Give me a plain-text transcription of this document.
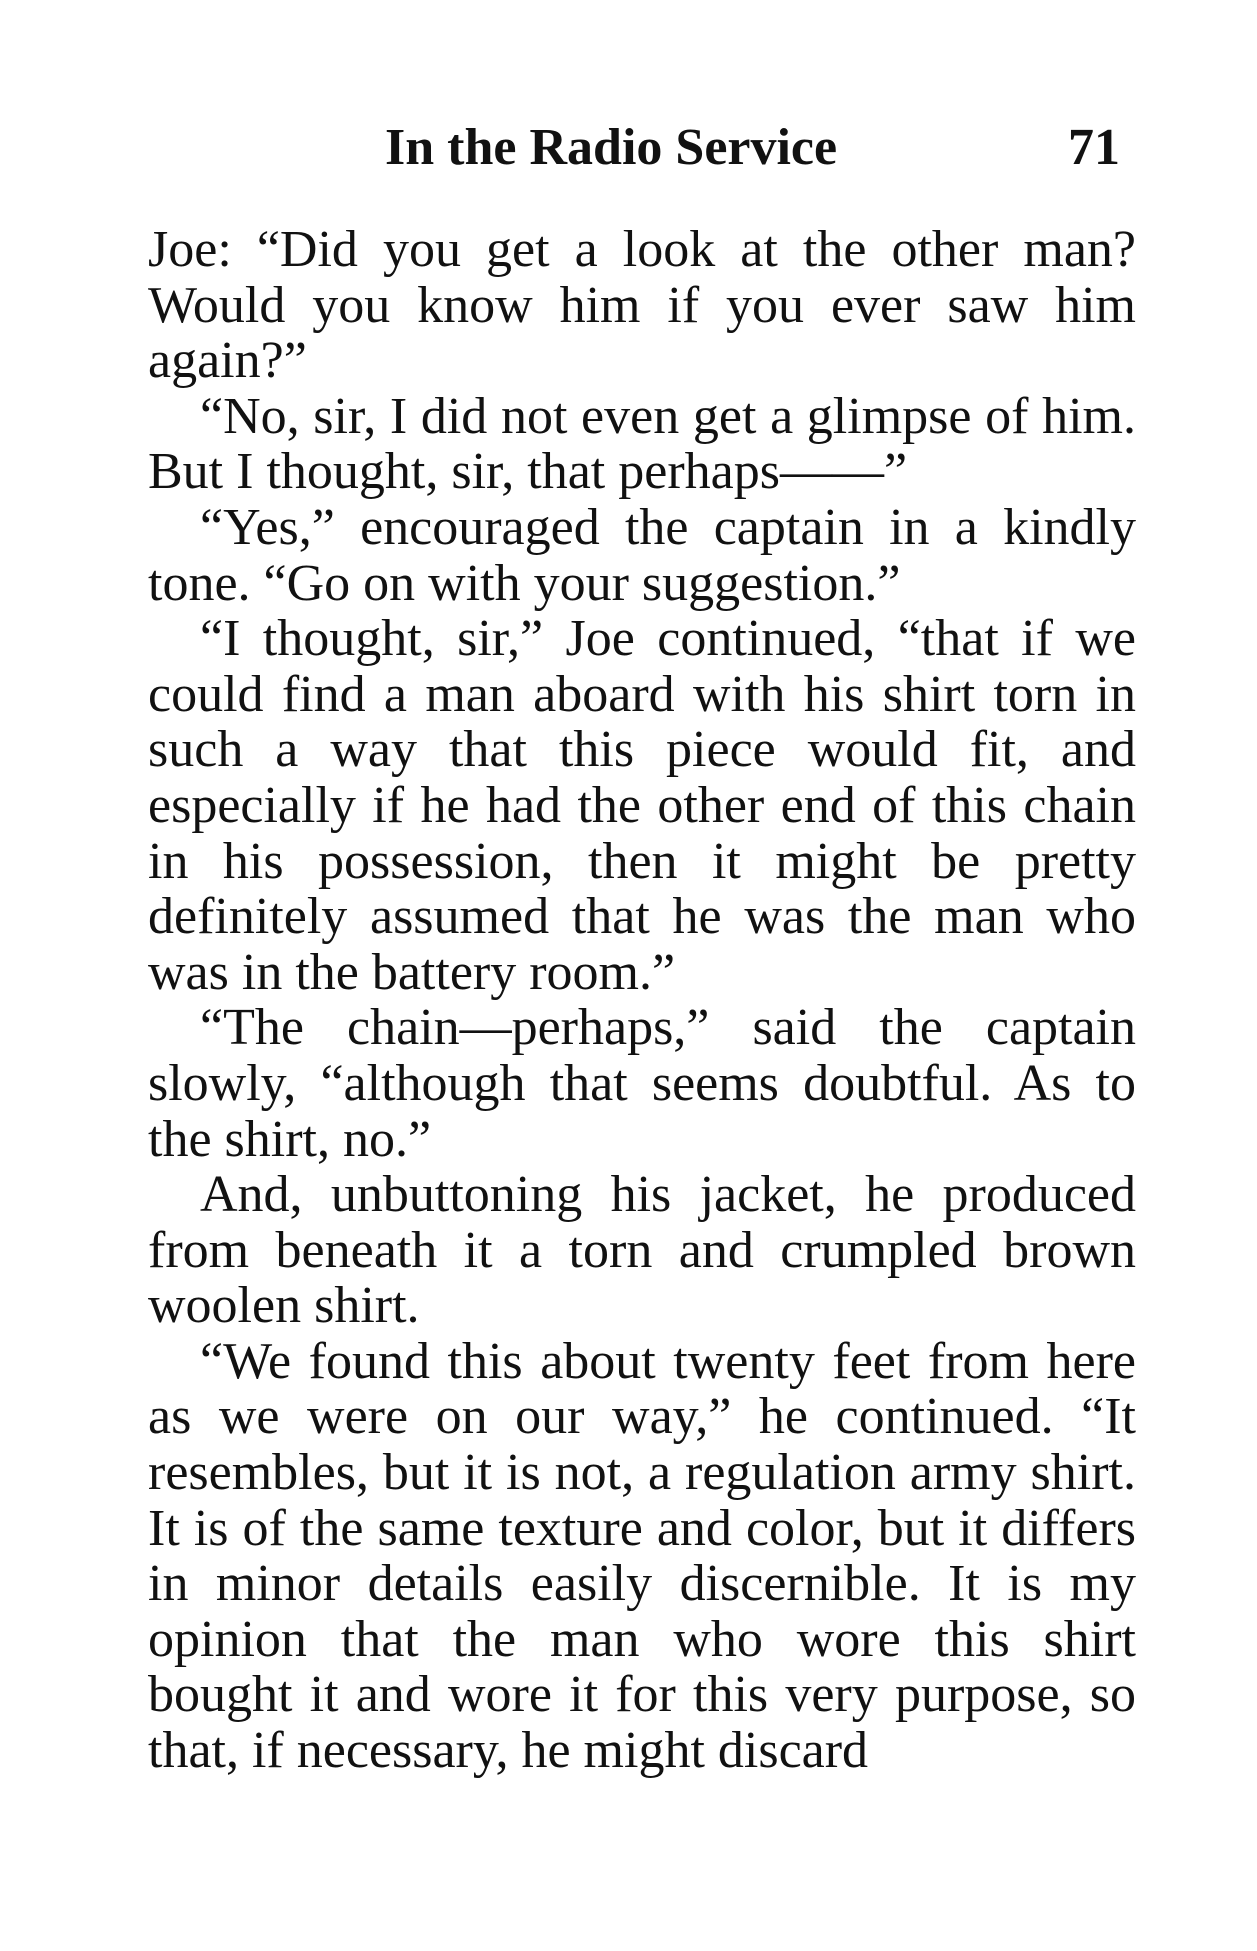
In the Radio Service	71

Joe: “Did you get a look at the other man? Would you know him if you ever saw him again?”

“No, sir, I did not even get a glimpse of him. But I thought, sir, that perhaps——”

“Yes,” encouraged the captain in a kindly tone. “Go on with your suggestion.”

“I thought, sir,” Joe continued, “that if we could find a man aboard with his shirt torn in such a way that this piece would fit, and especially if he had the other end of this chain in his possession, then it might be pretty definitely assumed that he was the man who was in the battery room.”

“The chain—perhaps,” said the captain slowly, “although that seems doubtful. As to the shirt, no.”

And, unbuttoning his jacket, he produced from beneath it a torn and crumpled brown woolen shirt.

“We found this about twenty feet from here as we were on our way,” he continued. “It resembles, but it is not, a regulation army shirt. It is of the same texture and color, but it differs in minor details easily discernible. It is my opinion that the man who wore this shirt bought it and wore it for this very purpose, so that, if necessary, he might discard
